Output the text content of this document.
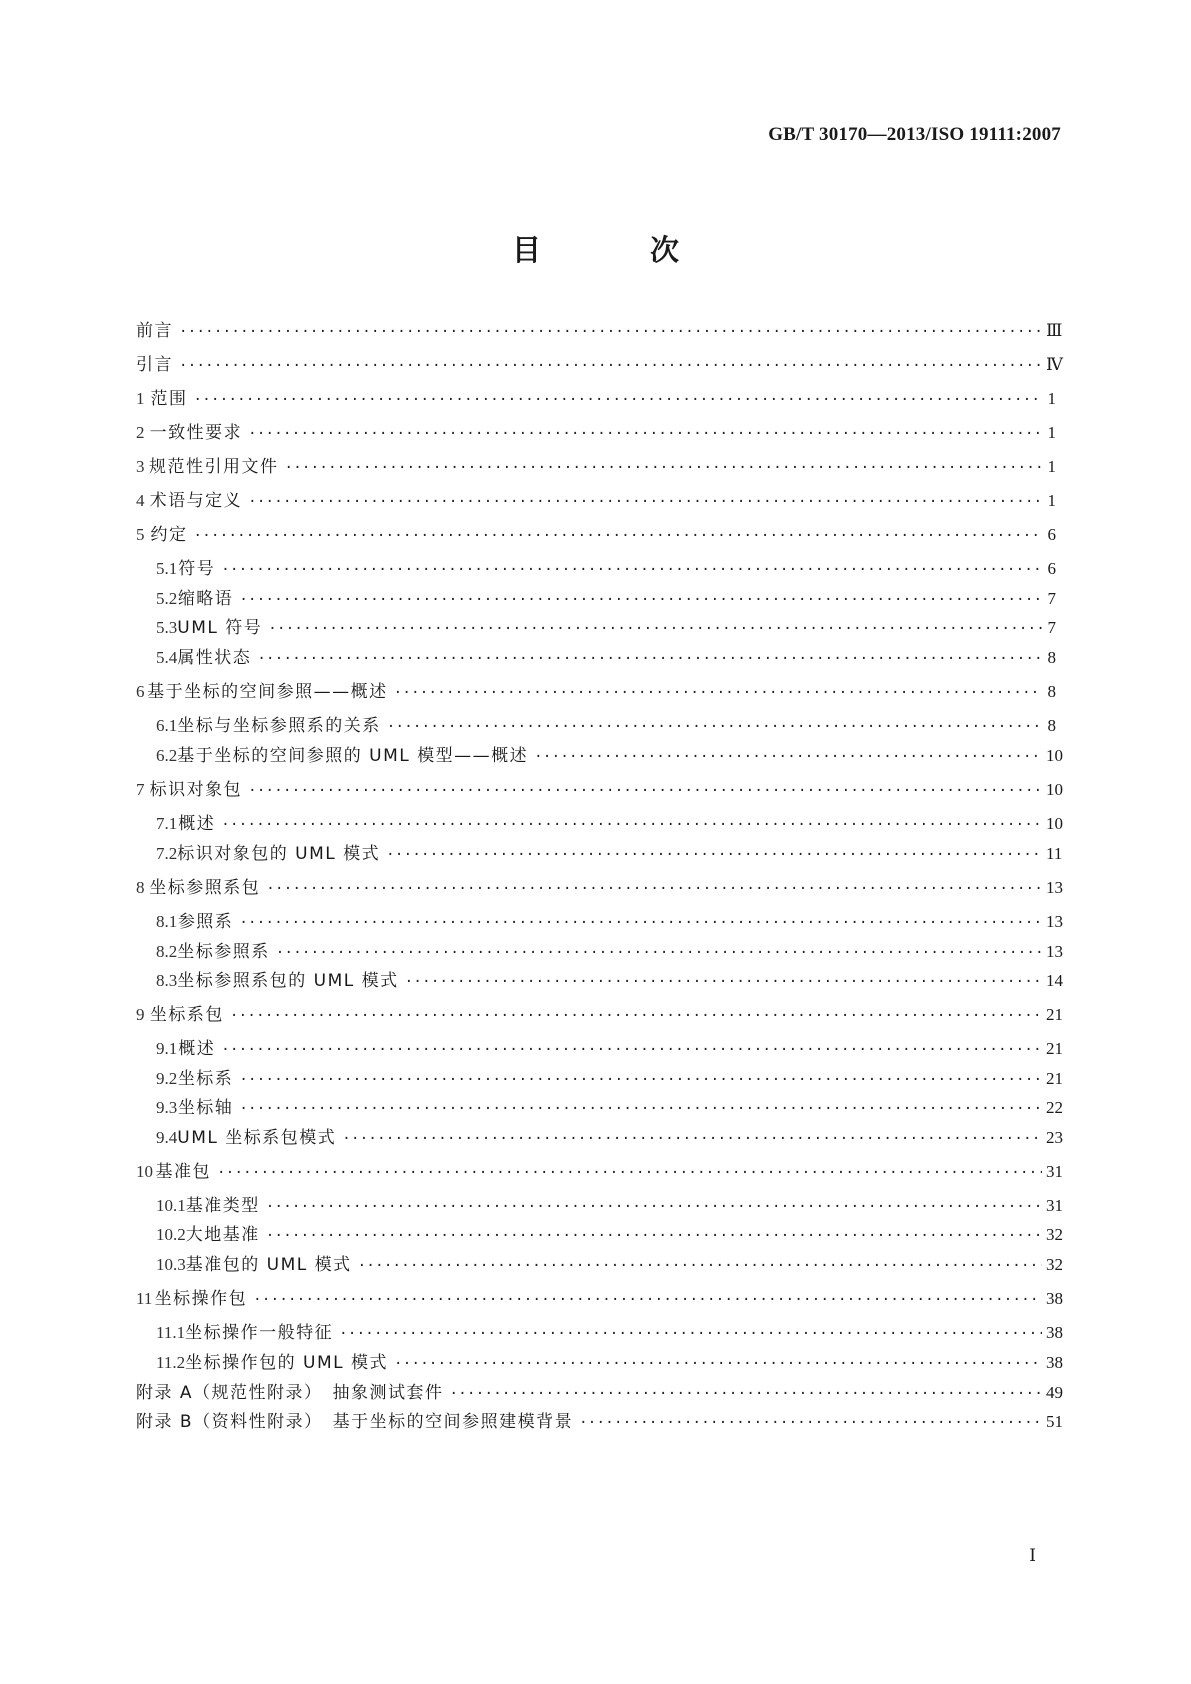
GB/T 30170—2013/ISO 19111:2007
目　次
前言 ·····	Ⅲ
引言 ·····	Ⅳ
1 范围 ·····	1
2 一致性要求 ·····	1
3 规范性引用文件 ·····	1
4 术语与定义 ·····	1
5 约定 ·····	6
5.1 符号 ·····	6
5.2 缩略语 ·····	7
5.3 UML 符号 ·····	7
5.4 属性状态 ·····	8
6 基于坐标的空间参照——概述 ·····	8
6.1 坐标与坐标参照系的关系 ·····	8
6.2 基于坐标的空间参照的 UML 模型——概述 ·····	10
7 标识对象包 ·····	10
7.1 概述 ·····	10
7.2 标识对象包的 UML 模式 ·····	11
8 坐标参照系包 ·····	13
8.1 参照系 ·····	13
8.2 坐标参照系 ·····	13
8.3 坐标参照系包的 UML 模式 ·····	14
9 坐标系包 ·····	21
9.1 概述 ·····	21
9.2 坐标系 ·····	21
9.3 坐标轴 ·····	22
9.4 UML 坐标系包模式 ·····	23
10 基准包 ·····	31
10.1 基准类型 ·····	31
10.2 大地基准 ·····	32
10.3 基准包的 UML 模式 ·····	32
11 坐标操作包 ·····	38
11.1 坐标操作一般特征 ·····	38
11.2 坐标操作包的 UML 模式 ·····	38
附录 A（规范性附录）　抽象测试套件 ·····	49
附录 B（资料性附录）　基于坐标的空间参照建模背景 ·····	51
Ⅰ
